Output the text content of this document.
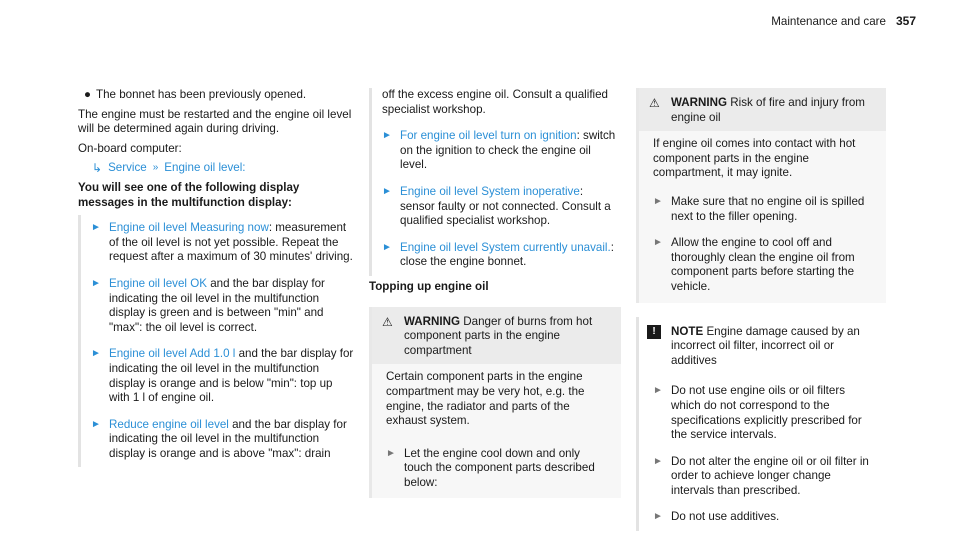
Maintenance and care 357
● The bonnet has been previously opened.
The engine must be restarted and the engine oil level will be determined again during driving.
On-board computer:
↳ Service » Engine oil level:
You will see one of the following display messages in the multifunction display:
► Engine oil level Measuring now: measurement of the oil level is not yet possible. Repeat the request after a maximum of 30 minutes' driving.
► Engine oil level OK and the bar display for indicating the oil level in the multifunction display is green and is between "min" and "max": the oil level is correct.
► Engine oil level Add 1.0 l and the bar display for indicating the oil level in the multifunction display is orange and is below "min": top up with 1 l of engine oil.
► Reduce engine oil level and the bar display for indicating the oil level in the multifunction display is orange and is above "max": drain
off the excess engine oil. Consult a qualified specialist workshop.
► For engine oil level turn on ignition: switch on the ignition to check the engine oil level.
► Engine oil level System inoperative: sensor faulty or not connected. Consult a qualified specialist workshop.
► Engine oil level System currently unavail.: close the engine bonnet.
Topping up engine oil
⚠ WARNING Danger of burns from hot component parts in the engine compartment
Certain component parts in the engine compartment may be very hot, e.g. the engine, the radiator and parts of the exhaust system.
► Let the engine cool down and only touch the component parts described below:
⚠ WARNING Risk of fire and injury from engine oil
If engine oil comes into contact with hot component parts in the engine compartment, it may ignite.
► Make sure that no engine oil is spilled next to the filler opening.
► Allow the engine to cool off and thoroughly clean the engine oil from component parts before starting the vehicle.
!	NOTE Engine damage caused by an incorrect oil filter, incorrect oil or additives
► Do not use engine oils or oil filters which do not correspond to the specifications explicitly prescribed for the service intervals.
► Do not alter the engine oil or oil filter in order to achieve longer change intervals than prescribed.
► Do not use additives.
